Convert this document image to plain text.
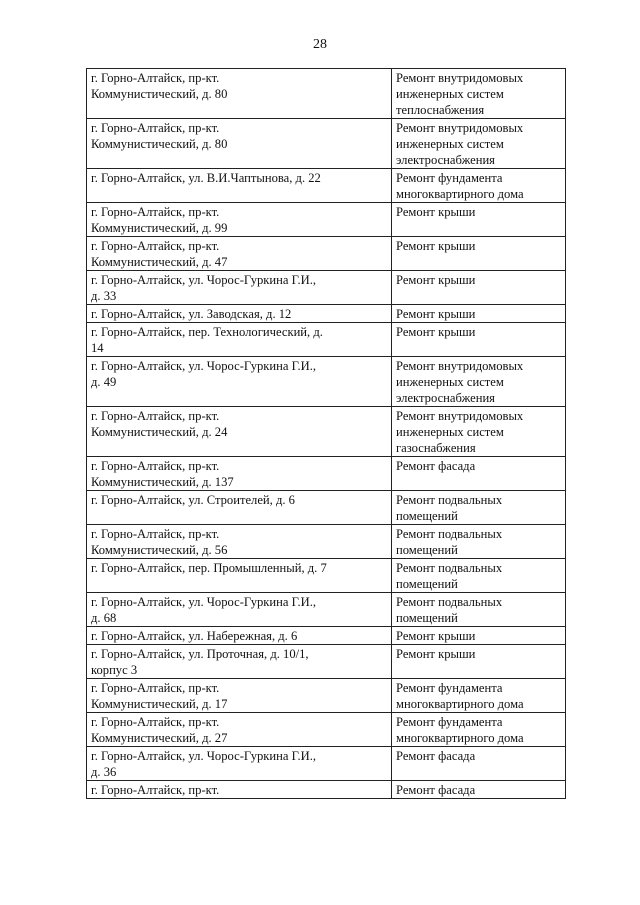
28
г. Горно-Алтайск, пр-кт.
Коммунистический, д. 80	Ремонт внутридомовых
инженерных систем
теплоснабжения
г. Горно-Алтайск, пр-кт.
Коммунистический, д. 80	Ремонт внутридомовых
инженерных систем
электроснабжения
г. Горно-Алтайск, ул. В.И.Чаптынова, д. 22	Ремонт фундамента
многоквартирного дома
г. Горно-Алтайск, пр-кт.
Коммунистический, д. 99	Ремонт крыши
г. Горно-Алтайск, пр-кт.
Коммунистический, д. 47	Ремонт крыши
г. Горно-Алтайск, ул. Чорос-Гуркина Г.И.,
д. 33	Ремонт крыши
г. Горно-Алтайск, ул. Заводская, д. 12	Ремонт крыши
г. Горно-Алтайск, пер. Технологический, д.
14	Ремонт крыши
г. Горно-Алтайск, ул. Чорос-Гуркина Г.И.,
д. 49	Ремонт внутридомовых
инженерных систем
электроснабжения
г. Горно-Алтайск, пр-кт.
Коммунистический, д. 24	Ремонт внутридомовых
инженерных систем
газоснабжения
г. Горно-Алтайск, пр-кт.
Коммунистический, д. 137	Ремонт фасада
г. Горно-Алтайск, ул. Строителей, д. 6	Ремонт подвальных
помещений
г. Горно-Алтайск, пр-кт.
Коммунистический, д. 56	Ремонт подвальных
помещений
г. Горно-Алтайск, пер. Промышленный, д. 7	Ремонт подвальных
помещений
г. Горно-Алтайск, ул. Чорос-Гуркина Г.И.,
д. 68	Ремонт подвальных
помещений
г. Горно-Алтайск, ул. Набережная, д. 6	Ремонт крыши
г. Горно-Алтайск, ул. Проточная, д. 10/1,
корпус 3	Ремонт крыши
г. Горно-Алтайск, пр-кт.
Коммунистический, д. 17	Ремонт фундамента
многоквартирного дома
г. Горно-Алтайск, пр-кт.
Коммунистический, д. 27	Ремонт фундамента
многоквартирного дома
г. Горно-Алтайск, ул. Чорос-Гуркина Г.И.,
д. 36	Ремонт фасада
г. Горно-Алтайск, пр-кт.	Ремонт фасада
